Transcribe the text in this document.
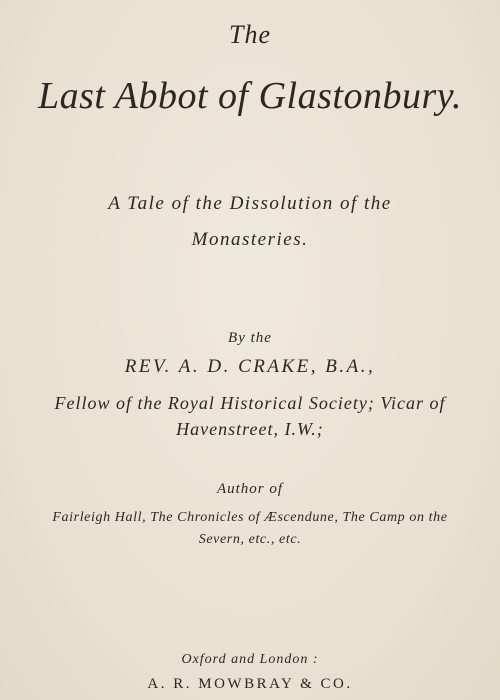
The
Last Abbot of Glastonbury.
A Tale of the Dissolution of the
Monasteries.
By the
REV. A. D. CRAKE, B.A.,
Fellow of the Royal Historical Society; Vicar of
Havenstreet, I.W.;
Author of
Fairleigh Hall, The Chronicles of Æscendune, The Camp on the
Severn, etc., etc.
Oxford and London :
A. R. MOWBRAY & CO.
